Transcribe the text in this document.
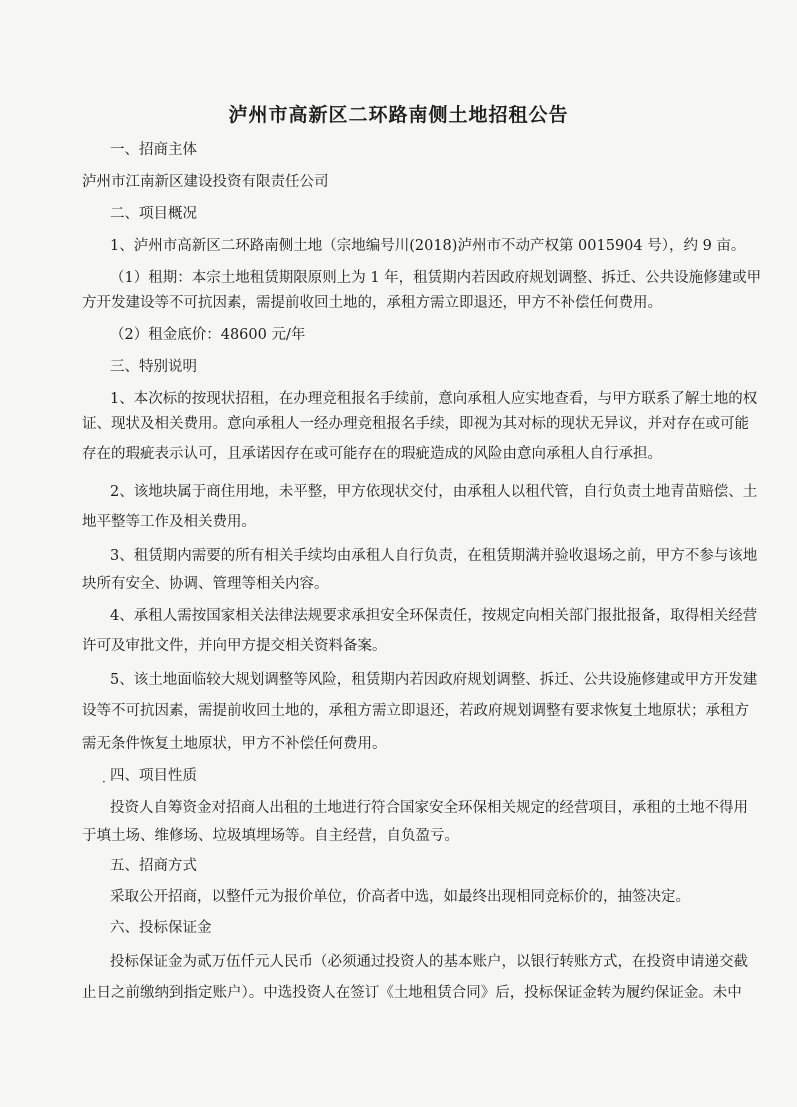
泸州市高新区二环路南侧土地招租公告
一、招商主体
泸州市江南新区建设投资有限责任公司
二、项目概况
1、泸州市高新区二环路南侧土地（宗地编号川(2018)泸州市不动产权第 0015904 号），约 9 亩。
（1）租期：本宗土地租赁期限原则上为 1 年，租赁期内若因政府规划调整、拆迁、公共设施修建或甲
方开发建设等不可抗因素，需提前收回土地的，承租方需立即退还，甲方不补偿任何费用。
（2）租金底价：48600 元/年
三、特别说明
1、本次标的按现状招租，在办理竞租报名手续前，意向承租人应实地查看，与甲方联系了解土地的权
证、现状及相关费用。意向承租人一经办理竞租报名手续，即视为其对标的现状无异议，并对存在或可能
存在的瑕疵表示认可，且承诺因存在或可能存在的瑕疵造成的风险由意向承租人自行承担。
2、该地块属于商住用地，未平整，甲方依现状交付，由承租人以租代管，自行负责土地青苗赔偿、土
地平整等工作及相关费用。
3、租赁期内需要的所有相关手续均由承租人自行负责，在租赁期满并验收退场之前，甲方不参与该地
块所有安全、协调、管理等相关内容。
4、承租人需按国家相关法律法规要求承担安全环保责任，按规定向相关部门报批报备，取得相关经营
许可及审批文件，并向甲方提交相关资料备案。
5、该土地面临较大规划调整等风险，租赁期内若因政府规划调整、拆迁、公共设施修建或甲方开发建
设等不可抗因素，需提前收回土地的，承租方需立即退还，若政府规划调整有要求恢复土地原状；承租方
需无条件恢复土地原状，甲方不补偿任何费用。
· 四、项目性质
投资人自筹资金对招商人出租的土地进行符合国家安全环保相关规定的经营项目，承租的土地不得用
于填土场、维修场、垃圾填埋场等。自主经营，自负盈亏。
五、招商方式
采取公开招商，以整仟元为报价单位，价高者中选，如最终出现相同竞标价的，抽签决定。
六、投标保证金
投标保证金为贰万伍仟元人民币（必须通过投资人的基本账户，以银行转账方式，在投资申请递交截
止日之前缴纳到指定账户）。中选投资人在签订《土地租赁合同》后，投标保证金转为履约保证金。未中
